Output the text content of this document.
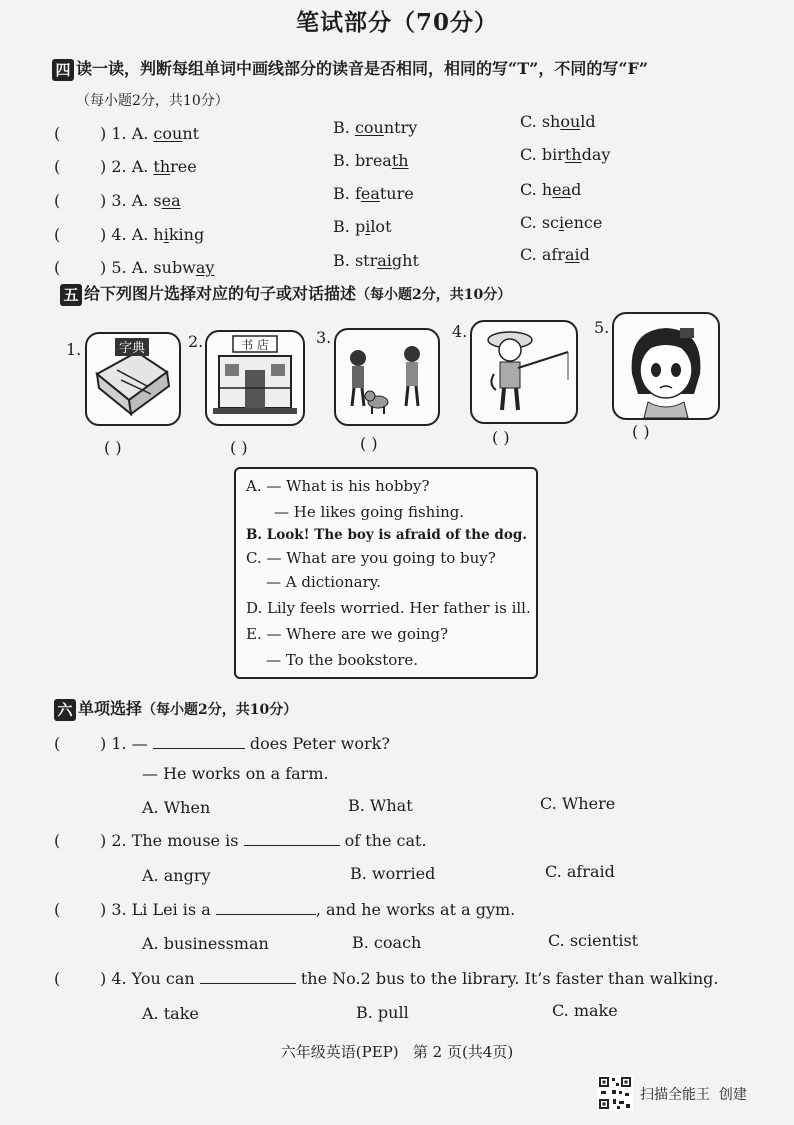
笔试部分（70分）
四 读一读，判断每组单词中画线部分的读音是否相同，相同的写“T”，不同的写“F”
（每小题2分，共10分）
( ) 1. A. count	B. country	C. should
( ) 2. A. three	B. breath	C. birthday
( ) 3. A. sea	B. feature	C. head
( ) 4. A. hiking	B. pilot	C. science
( ) 5. A. subway	B. straight	C. afraid
五 给下列图片选择对应的句子或对话描述（每小题2分，共10分）
1.	字典	2.	书 店	3.	4.	5.
( )	( )	( )	( )	( )
A. — What is his hobby?
— He likes going fishing.
B. Look! The boy is afraid of the dog.
C. — What are you going to buy?
— A dictionary.
D. Lily feels worried. Her father is ill.
E. — Where are we going?
— To the bookstore.
六 单项选择（每小题2分，共10分）
( ) 1. —	does Peter work?
— He works on a farm.
A. When	B. What	C. Where
( ) 2. The mouse is	of the cat.
A. angry	B. worried	C. afraid
( ) 3. Li Lei is a	, and he works at a gym.
A. businessman	B. coach	C. scientist
( ) 4. You can	the No.2 bus to the library. It’s faster than walking.
A. take	B. pull	C. make
六年级英语(PEP)   第 2 页(共4页)
扫描全能王  创建
